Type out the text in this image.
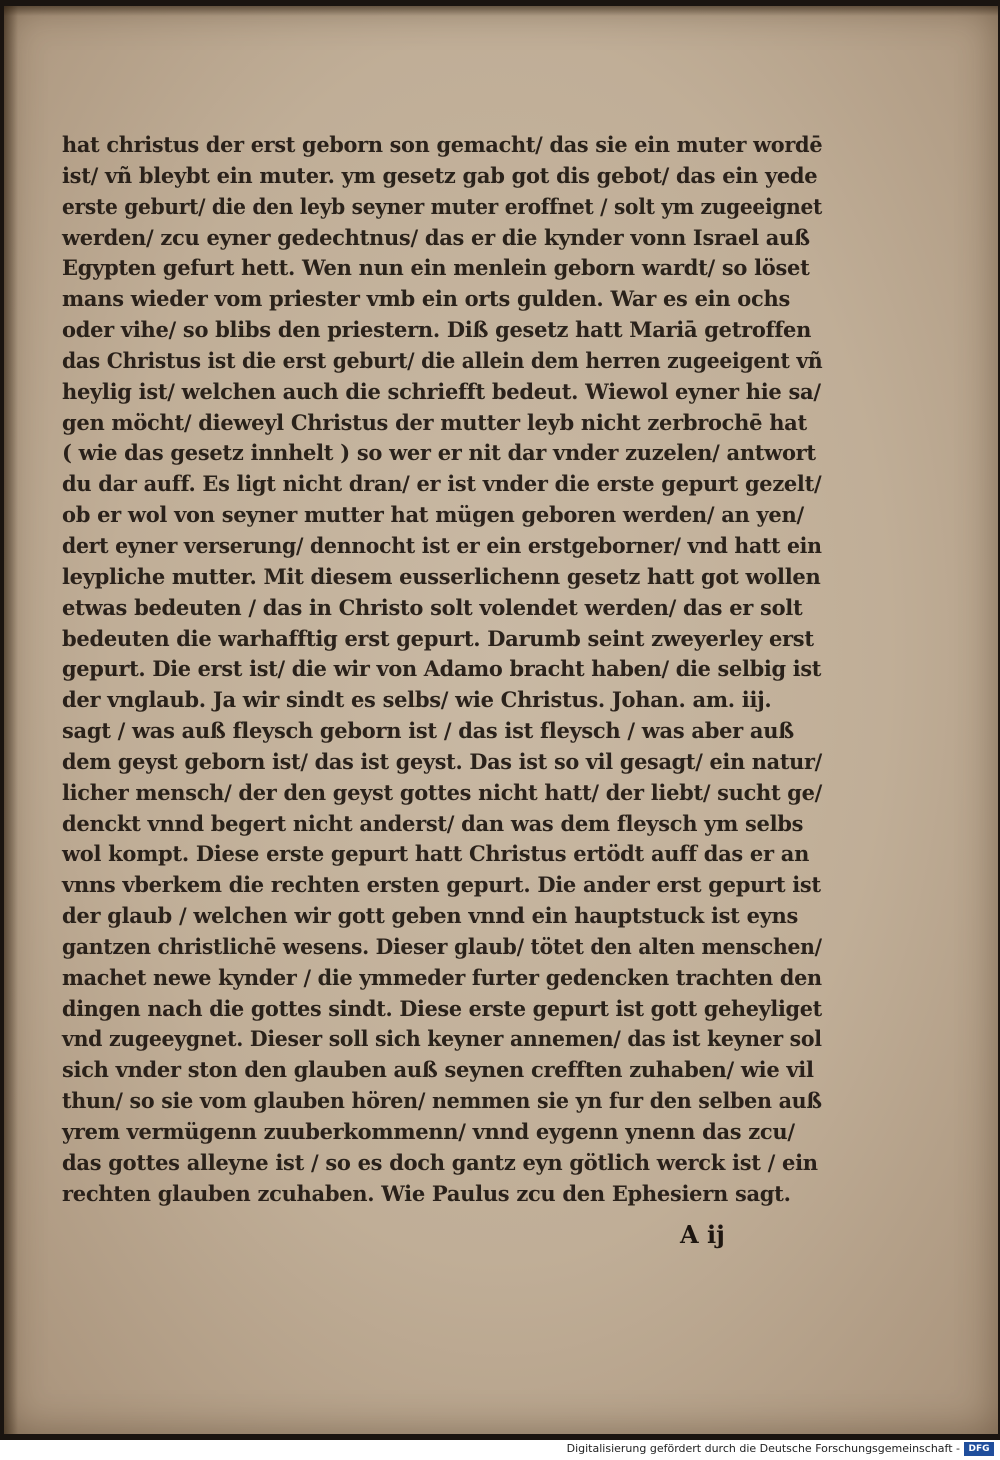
hat christus der erst geborn son gemacht/ das sie ein muter wordē
ist/ vñ bleybt ein muter. ym gesetz gab got dis gebot/ das ein yede
erste geburt/ die den leyb seyner muter eroffnet / solt ym zugeeignet
werden/ zcu eyner gedechtnus/ das er die kynder vonn Israel auß
Egypten gefurt hett. Wen nun ein menlein geborn wardt/ so löset
mans wieder vom priester vmb ein orts gulden. War es ein ochs
oder vihe/ so blibs den priestern. Diß gesetz hatt Mariā getroffen
das Christus ist die erst geburt/ die allein dem herren zugeeigent vñ
heylig ist/ welchen auch die schriefft bedeut. Wiewol eyner hie sa/
gen möcht/ dieweyl Christus der mutter leyb nicht zerbrochē hat
( wie das gesetz innhelt ) so wer er nit dar vnder zuzelen/ antwort
du dar auff. Es ligt nicht dran/ er ist vnder die erste gepurt gezelt/
ob er wol von seyner mutter hat mügen geboren werden/ an yen/
dert eyner verserung/ dennocht ist er ein erstgeborner/ vnd hatt ein
leypliche mutter. Mit diesem eusserlichenn gesetz hatt got wollen
etwas bedeuten / das in Christo solt volendet werden/ das er solt
bedeuten die warhafftig erst gepurt. Darumb seint zweyerley erst
gepurt. Die erst ist/ die wir von Adamo bracht haben/ die selbig ist
der vnglaub. Ja wir sindt es selbs/ wie Christus. Johan. am. iij.
sagt / was auß fleysch geborn ist / das ist fleysch / was aber auß
dem geyst geborn ist/ das ist geyst. Das ist so vil gesagt/ ein natur/
licher mensch/ der den geyst gottes nicht hatt/ der liebt/ sucht ge/
denckt vnnd begert nicht anderst/ dan was dem fleysch ym selbs
wol kompt. Diese erste gepurt hatt Christus ertödt auff das er an
vnns vberkem die rechten ersten gepurt. Die ander erst gepurt ist
der glaub / welchen wir gott geben vnnd ein hauptstuck ist eyns
gantzen christlichē wesens. Dieser glaub/ tötet den alten menschen/
machet newe kynder / die ymmeder furter gedencken trachten den
dingen nach die gottes sindt. Diese erste gepurt ist gott geheyliget
vnd zugeeygnet. Dieser soll sich keyner annemen/ das ist keyner sol
sich vnder ston den glauben auß seynen crefften zuhaben/ wie vil
thun/ so sie vom glauben hören/ nemmen sie yn fur den selben auß
yrem vermügenn zuuberkommenn/ vnnd eygenn ynenn das zcu/
das gottes alleyne ist / so es doch gantz eyn götlich werck ist / ein
rechten glauben zcuhaben. Wie Paulus zcu den Ephesiern sagt.
A ij
Digitalisierung gefördert durch die Deutsche Forschungsgemeinschaft - DFG
